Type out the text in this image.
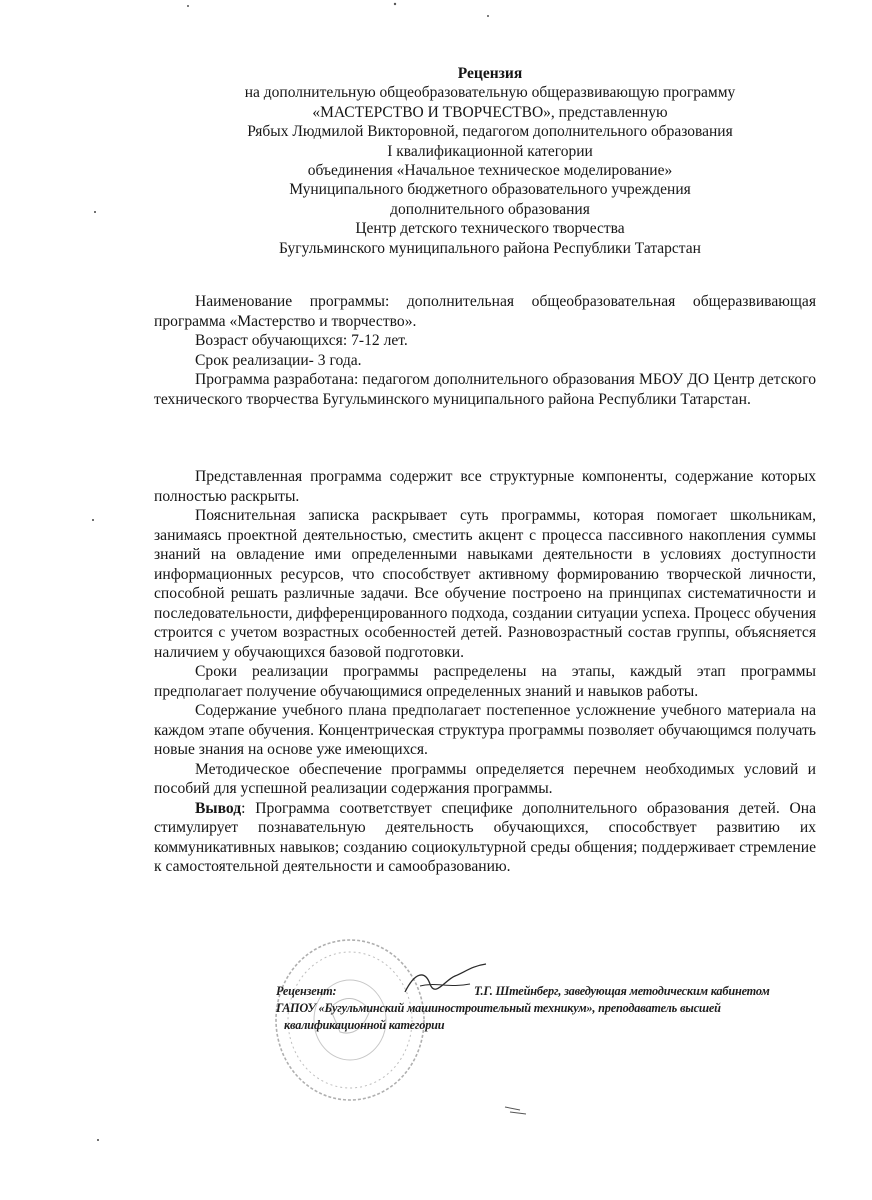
Рецензия
на дополнительную общеобразовательную общеразвивающую программу
«МАСТЕРСТВО И ТВОРЧЕСТВО», представленную
Рябых Людмилой Викторовной, педагогом дополнительного образования
I квалификационной категории
объединения «Начальное техническое моделирование»
Муниципального бюджетного образовательного учреждения
дополнительного образования
Центр детского технического творчества
Бугульминского муниципального района Республики Татарстан

Наименование программы: дополнительная общеобразовательная общеразвивающая программа «Мастерство и творчество».

Возраст обучающихся: 7-12 лет.

Срок реализации- 3 года.

Программа разработана: педагогом дополнительного образования МБОУ ДО Центр детского технического творчества Бугульминского муниципального района Республики Татарстан.

Представленная программа содержит все структурные компоненты, содержание которых полностью раскрыты.

Пояснительная записка раскрывает суть программы, которая помогает школьникам, занимаясь проектной деятельностью, сместить акцент с процесса пассивного накопления суммы знаний на овладение ими определенными навыками деятельности в условиях доступности информационных ресурсов, что способствует активному формированию творческой личности, способной решать различные задачи. Все обучение построено на принципах систематичности и последовательности, дифференцированного подхода, создании ситуации успеха. Процесс обучения строится с учетом возрастных особенностей детей. Разновозрастный состав группы, объясняется наличием у обучающихся базовой подготовки.

Сроки реализации программы распределены на этапы, каждый этап программы предполагает получение обучающимися определенных знаний и навыков работы.

Содержание учебного плана предполагает постепенное усложнение учебного материала на каждом этапе обучения. Концентрическая структура программы позволяет обучающимся получать новые знания на основе уже имеющихся.

Методическое обеспечение программы определяется перечнем необходимых условий и пособий для успешной реализации содержания программы.

Вывод: Программа соответствует специфике дополнительного образования детей. Она стимулирует познавательную деятельность обучающихся, способствует развитию их коммуникативных навыков; созданию социокультурной среды общения; поддерживает стремление к самостоятельной деятельности и самообразованию.

Рецензент:	Т.Г. Штейнберг, заведующая методическим кабинетом
ГАПОУ «Бугульминский машиностроительный техникум», преподаватель высшей
квалификационной категории
